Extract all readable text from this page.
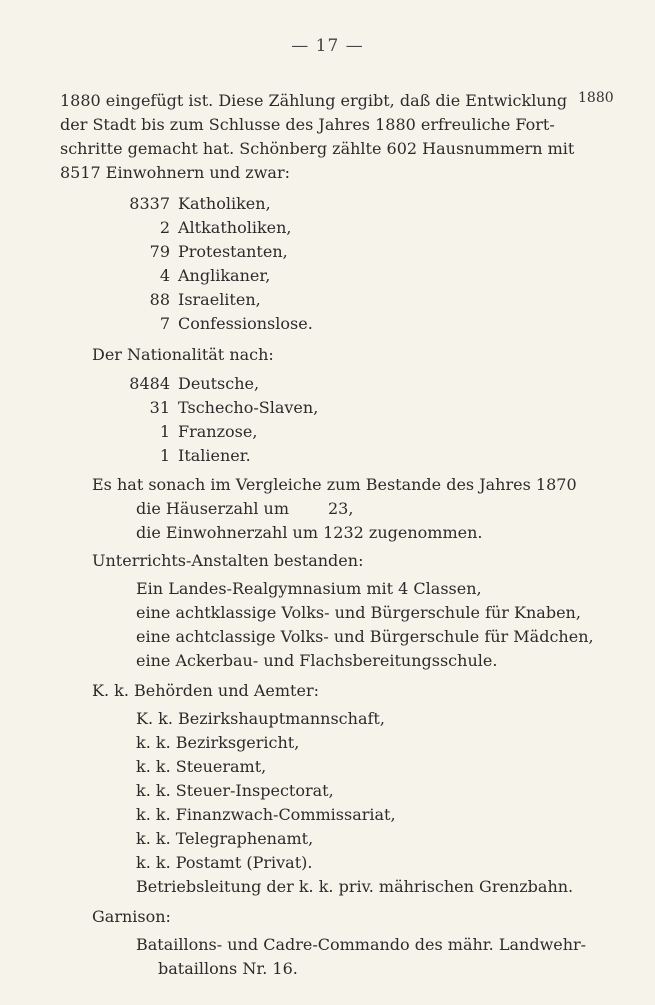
— 17 —
1880
1880 eingefügt ist. Diese Zählung ergibt, daß die Entwicklung
der Stadt bis zum Schlusse des Jahres 1880 erfreuliche Fort-
schritte gemacht hat. Schönberg zählte 602 Hausnummern mit
8517 Einwohnern und zwar:
8337 Katholiken,
2 Altkatholiken,
79 Protestanten,
4 Anglikaner,
88 Israeliten,
7 Confessionslose.
Der Nationalität nach:
8484 Deutsche,
31 Tschecho-Slaven,
1 Franzose,
1 Italiener.
Es hat sonach im Vergleiche zum Bestande des Jahres 1870
die Häuserzahl um 23,
die Einwohnerzahl um 1232 zugenommen.
Unterrichts-Anstalten bestanden:
Ein Landes-Realgymnasium mit 4 Classen,
eine achtklassige Volks- und Bürgerschule für Knaben,
eine achtclassige Volks- und Bürgerschule für Mädchen,
eine Ackerbau- und Flachsbereitungsschule.
K. k. Behörden und Aemter:
K. k. Bezirkshauptmannschaft,
k. k. Bezirksgericht,
k. k. Steueramt,
k. k. Steuer-Inspectorat,
k. k. Finanzwach-Commissariat,
k. k. Telegraphenamt,
k. k. Postamt (Privat).
Betriebsleitung der k. k. priv. mährischen Grenzbahn.
Garnison:
Bataillons- und Cadre-Commando des mähr. Landwehr-
bataillons Nr. 16.
